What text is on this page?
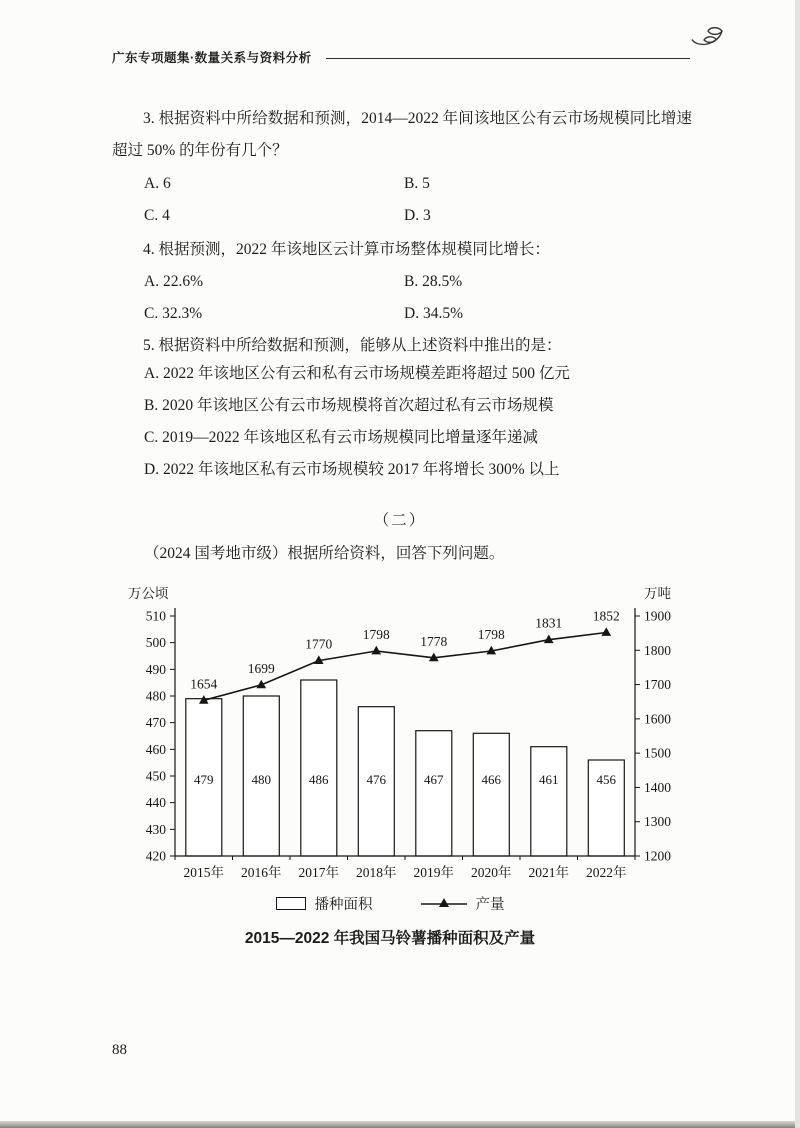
广东专项题集·数量关系与资料分析
3. 根据资料中所给数据和预测，2014—2022 年间该地区公有云市场规模同比增速超过 50% 的年份有几个？
A. 6	B. 5
C. 4	D. 3
4. 根据预测，2022 年该地区云计算市场整体规模同比增长：
A. 22.6%	B. 28.5%
C. 32.3%	D. 34.5%
5. 根据资料中所给数据和预测，能够从上述资料中推出的是：
A. 2022 年该地区公有云和私有云市场规模差距将超过 500 亿元
B. 2020 年该地区公有云市场规模将首次超过私有云市场规模
C. 2019—2022 年该地区私有云市场规模同比增量逐年递减
D. 2022 年该地区私有云市场规模较 2017 年将增长 300% 以上
（二）
（2024 国考地市级）根据所给资料，回答下列问题。
479	480	486	476	467	466	461	456
510
500
490
480
470
460
450
440
430
420
1900
1800
1700
1600
1500
1400
1300
1200
2015年 2016年 2017年 2018年 2019年 2020年 2021年 2022年
万公顷	万吨
1654
1699
1770
1798 1778 1798
1831 1852
播种面积	产量
2015—2022 年我国马铃薯播种面积及产量
88
